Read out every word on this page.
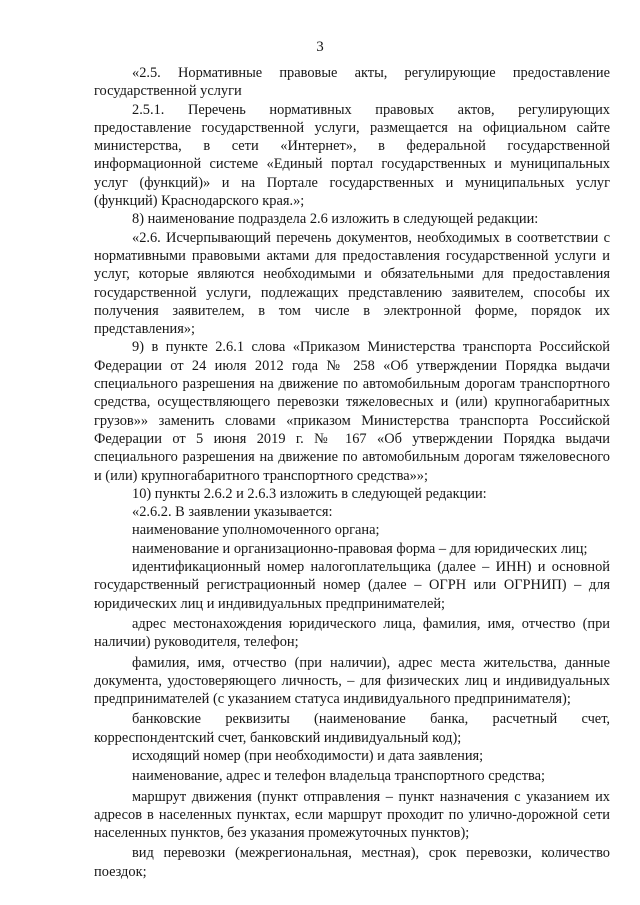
3

«2.5. Нормативные правовые акты, регулирующие предоставление государственной услуги

2.5.1. Перечень нормативных правовых актов, регулирующих предоставление государственной услуги, размещается на официальном сайте министерства, в сети «Интернет», в федеральной государственной информационной системе «Единый портал государственных и муниципальных услуг (функций)» и на Портале государственных и муниципальных услуг (функций) Краснодарского края.»;

8) наименование подраздела 2.6 изложить в следующей редакции:

«2.6. Исчерпывающий перечень документов, необходимых в соответствии с нормативными правовыми актами для предоставления государственной услуги и услуг, которые являются необходимыми и обязательными для предоставления государственной услуги, подлежащих представлению заявителем, способы их получения заявителем, в том числе в электронной форме, порядок их представления»;

9) в пункте 2.6.1 слова «Приказом Министерства транспорта Российской Федерации от 24 июля 2012 года № 258 «Об утверждении Порядка выдачи специального разрешения на движение по автомобильным дорогам транспортного средства, осуществляющего перевозки тяжеловесных и (или) крупногабаритных грузов»» заменить словами «приказом Министерства транспорта Российской Федерации от 5 июня 2019 г. № 167 «Об утверждении Порядка выдачи специального разрешения на движение по автомобильным дорогам тяжеловесного и (или) крупногабаритного транспортного средства»»;

10) пункты 2.6.2 и 2.6.3 изложить в следующей редакции:

«2.6.2. В заявлении указывается:

наименование уполномоченного органа;

наименование и организационно-правовая форма – для юридических лиц;

идентификационный номер налогоплательщика (далее – ИНН) и основной государственный регистрационный номер (далее – ОГРН или ОГРНИП) – для юридических лиц и индивидуальных предпринимателей;

адрес местонахождения юридического лица, фамилия, имя, отчество (при наличии) руководителя, телефон;

фамилия, имя, отчество (при наличии), адрес места жительства, данные документа, удостоверяющего личность, – для физических лиц и индивидуальных предпринимателей (с указанием статуса индивидуального предпринимателя);

банковские реквизиты (наименование банка, расчетный счет, корреспондентский счет, банковский индивидуальный код);

исходящий номер (при необходимости) и дата заявления;

наименование, адрес и телефон владельца транспортного средства;

маршрут движения (пункт отправления – пункт назначения с указанием их адресов в населенных пунктах, если маршрут проходит по улично-дорожной сети населенных пунктов, без указания промежуточных пунктов);

вид перевозки (межрегиональная, местная), срок перевозки, количество поездок;
